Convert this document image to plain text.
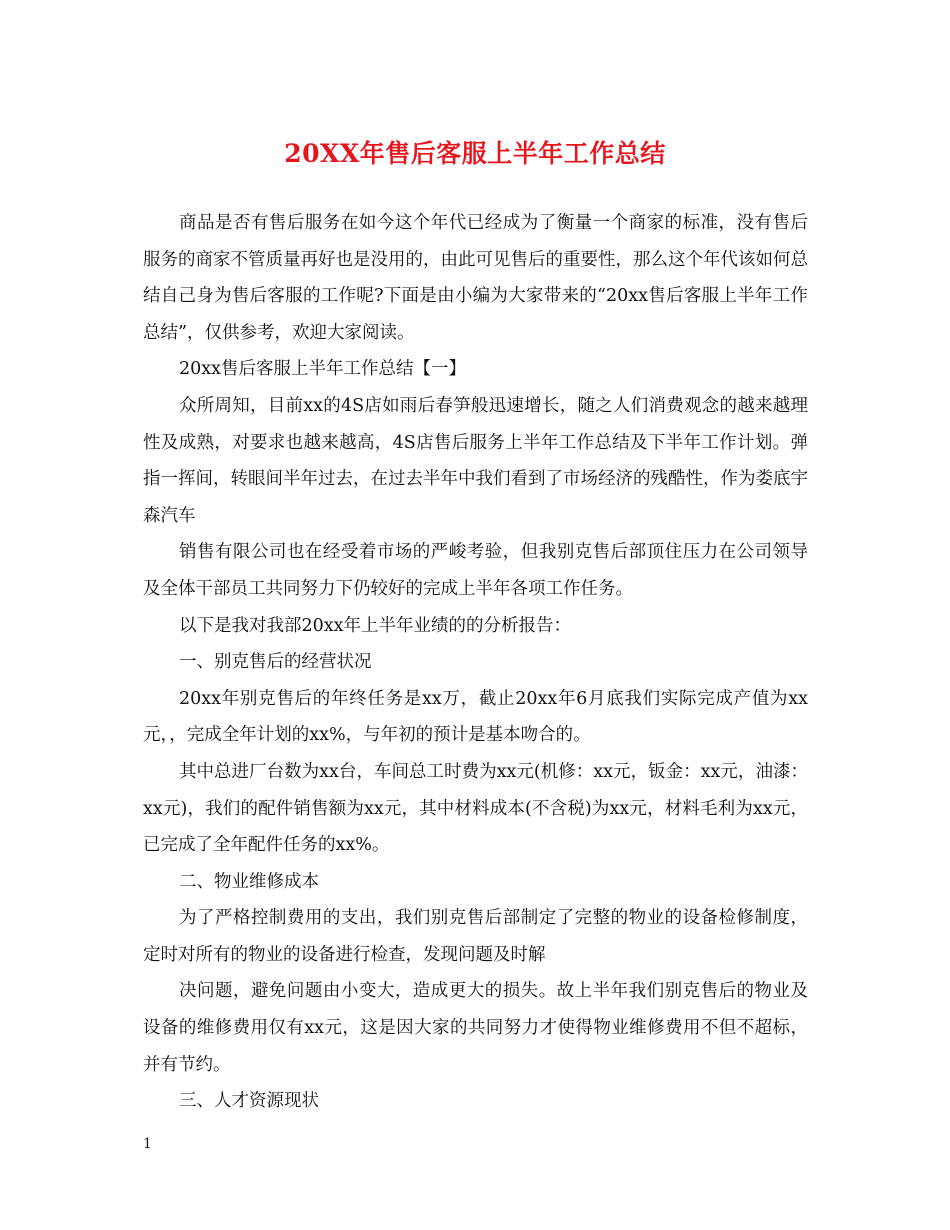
20XX年售后客服上半年工作总结

商品是否有售后服务在如今这个年代已经成为了衡量一个商家的标准，没有售后服务的商家不管质量再好也是没用的，由此可见售后的重要性，那么这个年代该如何总结自己身为售后客服的工作呢?下面是由小编为大家带来的“20xx售后客服上半年工作总结”，仅供参考，欢迎大家阅读。

20xx售后客服上半年工作总结【一】

众所周知，目前xx的4S店如雨后春笋般迅速增长，随之人们消费观念的越来越理性及成熟，对要求也越来越高，4S店售后服务上半年工作总结及下半年工作计划。弹指一挥间，转眼间半年过去，在过去半年中我们看到了市场经济的残酷性，作为娄底宇森汽车

销售有限公司也在经受着市场的严峻考验，但我别克售后部顶住压力在公司领导及全体干部员工共同努力下仍较好的完成上半年各项工作任务。

以下是我对我部20xx年上半年业绩的的分析报告：

一、别克售后的经营状况

20xx年别克售后的年终任务是xx万，截止20xx年6月底我们实际完成产值为xx元，，完成全年计划的xx%，与年初的预计是基本吻合的。

其中总进厂台数为xx台，车间总工时费为xx元(机修：xx元，钣金：xx元，油漆：xx元)，我们的配件销售额为xx元，其中材料成本(不含税)为xx元，材料毛利为xx元，已完成了全年配件任务的xx%。

二、物业维修成本

为了严格控制费用的支出，我们别克售后部制定了完整的物业的设备检修制度，定时对所有的物业的设备进行检查，发现问题及时解

决问题，避免问题由小变大，造成更大的损失。故上半年我们别克售后的物业及设备的维修费用仅有xx元，这是因大家的共同努力才使得物业维修费用不但不超标，并有节约。

三、人才资源现状

1
